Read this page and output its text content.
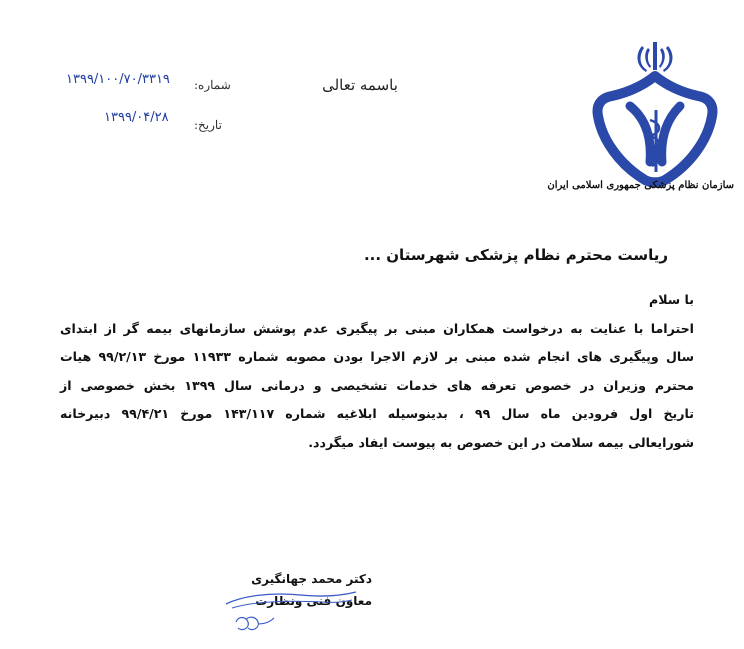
سازمان نظام پزشکی جمهوری اسلامی ایران
باسمه تعالی
شماره:
۱۳۹۹/۱۰۰/۷۰/۳۳۱۹
تاریخ:
۱۳۹۹/۰۴/۲۸
ریاست محترم نظام پزشکی شهرستان ...
با سلام
احتراما با عنایت به درخواست همکاران مبنی بر پیگیری عدم پوشش سازمانهای بیمه گر از ابتدای
سال وپیگیری های انجام شده مبنی بر لازم الاجرا بودن مصوبه شماره ۱۱۹۳۳ مورخ ۹۹/۲/۱۳ هیات
محترم وزیران در خصوص تعرفه های خدمات تشخیصی و درمانی سال ۱۳۹۹ بخش خصوصی از
تاریخ اول فرودین ماه سال ۹۹ ، بدینوسیله ابلاغیه شماره ۱۴۳/۱۱۷ مورخ ۹۹/۴/۲۱ دبیرخانه
شورایعالی بیمه سلامت در این خصوص به پیوست ایفاد میگردد.
دکتر محمد جهانگیری
معاون فنی ونظارت
